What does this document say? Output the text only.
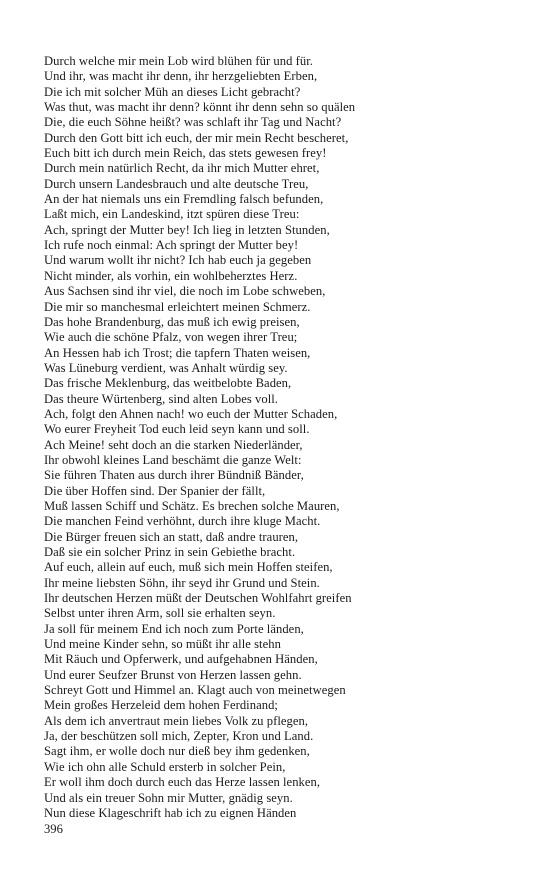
Durch welche mir mein Lob wird blühen für und für.
Und ihr, was macht ihr denn, ihr herzgeliebten Erben,
Die ich mit solcher Müh an dieses Licht gebracht?
Was thut, was macht ihr denn? könnt ihr denn sehn so quälen
Die, die euch Söhne heißt? was schlaft ihr Tag und Nacht?
Durch den Gott bitt ich euch, der mir mein Recht bescheret,
Euch bitt ich durch mein Reich, das stets gewesen frey!
Durch mein natürlich Recht, da ihr mich Mutter ehret,
Durch unsern Landesbrauch und alte deutsche Treu,
An der hat niemals uns ein Fremdling falsch befunden,
Laßt mich, ein Landeskind, itzt spüren diese Treu:
Ach, springt der Mutter bey! Ich lieg in letzten Stunden,
Ich rufe noch einmal: Ach springt der Mutter bey!
Und warum wollt ihr nicht? Ich hab euch ja gegeben
Nicht minder, als vorhin, ein wohlbeherztes Herz.
Aus Sachsen sind ihr viel, die noch im Lobe schweben,
Die mir so manchesmal erleichtert meinen Schmerz.
Das hohe Brandenburg, das muß ich ewig preisen,
Wie auch die schöne Pfalz, von wegen ihrer Treu;
An Hessen hab ich Trost; die tapfern Thaten weisen,
Was Lüneburg verdient, was Anhalt würdig sey.
Das frische Meklenburg, das weitbelobte Baden,
Das theure Würtenberg, sind alten Lobes voll.
Ach, folgt den Ahnen nach! wo euch der Mutter Schaden,
Wo eurer Freyheit Tod euch leid seyn kann und soll.
Ach Meine! seht doch an die starken Niederländer,
Ihr obwohl kleines Land beschämt die ganze Welt:
Sie führen Thaten aus durch ihrer Bündniß Bänder,
Die über Hoffen sind. Der Spanier der fällt,
Muß lassen Schiff und Schätz. Es brechen solche Mauren,
Die manchen Feind verhöhnt, durch ihre kluge Macht.
Die Bürger freuen sich an statt, daß andre trauren,
Daß sie ein solcher Prinz in sein Gebiethe bracht.
Auf euch, allein auf euch, muß sich mein Hoffen steifen,
Ihr meine liebsten Söhn, ihr seyd ihr Grund und Stein.
Ihr deutschen Herzen müßt der Deutschen Wohlfahrt greifen
Selbst unter ihren Arm, soll sie erhalten seyn.
Ja soll für meinem End ich noch zum Porte länden,
Und meine Kinder sehn, so müßt ihr alle stehn
Mit Räuch und Opferwerk, und aufgehabnen Händen,
Und eurer Seufzer Brunst von Herzen lassen gehn.
Schreyt Gott und Himmel an. Klagt auch von meinetwegen
Mein großes Herzeleid dem hohen Ferdinand;
Als dem ich anvertraut mein liebes Volk zu pflegen,
Ja, der beschützen soll mich, Zepter, Kron und Land.
Sagt ihm, er wolle doch nur dieß bey ihm gedenken,
Wie ich ohn alle Schuld ersterb in solcher Pein,
Er woll ihm doch durch euch das Herze lassen lenken,
Und als ein treuer Sohn mir Mutter, gnädig seyn.
Nun diese Klageschrift hab ich zu eignen Händen
396
